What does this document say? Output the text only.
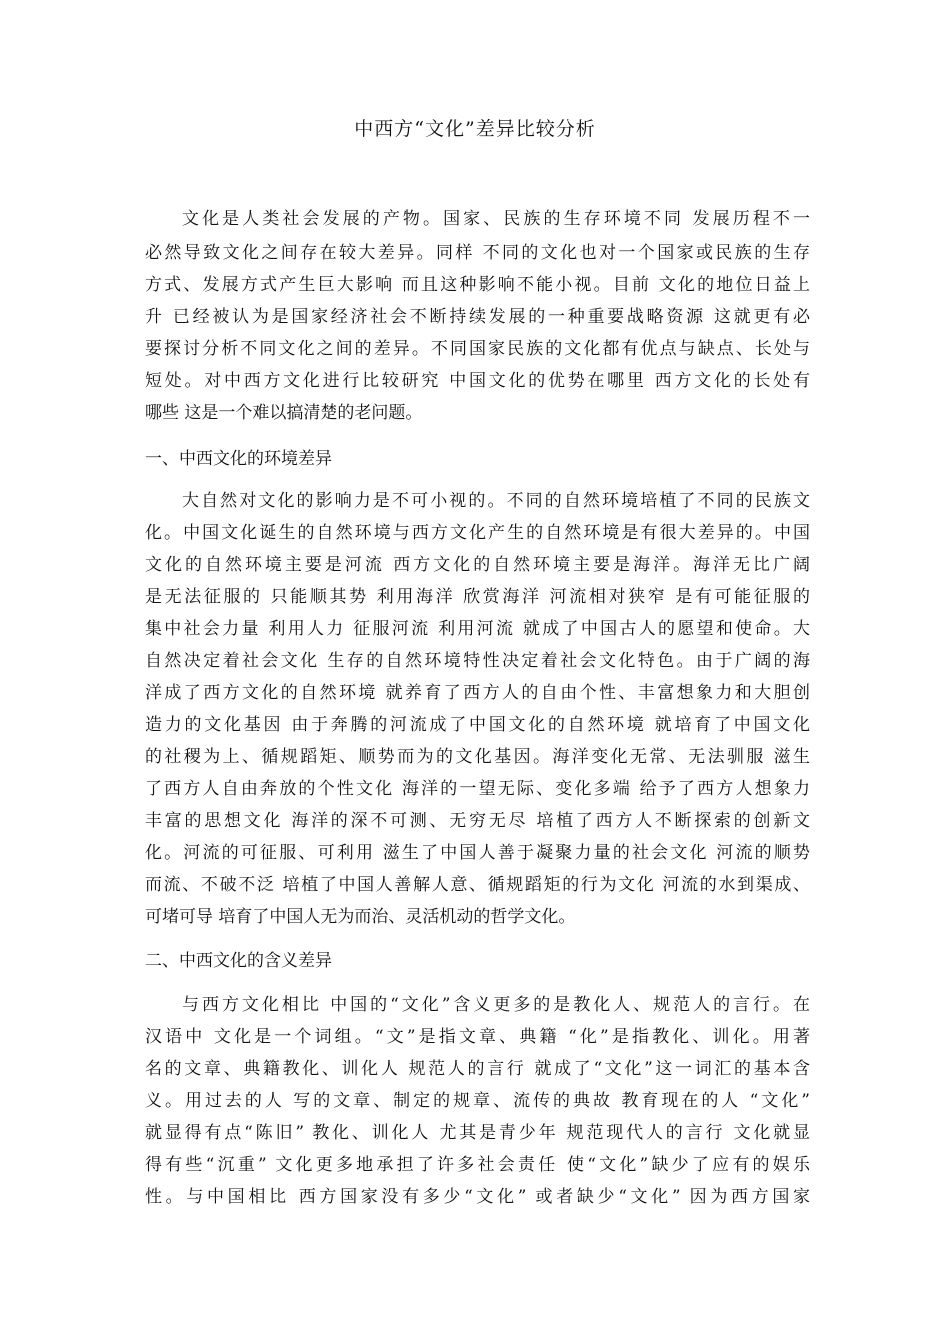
中西方“文化”差异比较分析

文化是人类社会发展的产物。国家、民族的生存环境不同 发展历程不一

必然导致文化之间存在较大差异。同样 不同的文化也对一个国家或民族的生存

方式、发展方式产生巨大影响 而且这种影响不能小视。目前 文化的地位日益上

升 已经被认为是国家经济社会不断持续发展的一种重要战略资源 这就更有必

要探讨分析不同文化之间的差异。不同国家民族的文化都有优点与缺点、长处与

短处。对中西方文化进行比较研究 中国文化的优势在哪里 西方文化的长处有

哪些 这是一个难以搞清楚的老问题。

一、中西文化的环境差异

大自然对文化的影响力是不可小视的。不同的自然环境培植了不同的民族文

化。中国文化诞生的自然环境与西方文化产生的自然环境是有很大差异的。中国

文化的自然环境主要是河流 西方文化的自然环境主要是海洋。海洋无比广阔

是无法征服的 只能顺其势 利用海洋 欣赏海洋 河流相对狭窄 是有可能征服的

集中社会力量 利用人力 征服河流 利用河流 就成了中国古人的愿望和使命。大

自然决定着社会文化 生存的自然环境特性决定着社会文化特色。由于广阔的海

洋成了西方文化的自然环境 就养育了西方人的自由个性、丰富想象力和大胆创

造力的文化基因 由于奔腾的河流成了中国文化的自然环境 就培育了中国文化

的社稷为上、循规蹈矩、顺势而为的文化基因。海洋变化无常、无法驯服 滋生

了西方人自由奔放的个性文化 海洋的一望无际、变化多端 给予了西方人想象力

丰富的思想文化 海洋的深不可测、无穷无尽 培植了西方人不断探索的创新文

化。河流的可征服、可利用 滋生了中国人善于凝聚力量的社会文化 河流的顺势

而流、不破不泛 培植了中国人善解人意、循规蹈矩的行为文化 河流的水到渠成、

可堵可导 培育了中国人无为而治、灵活机动的哲学文化。

二、中西文化的含义差异

与西方文化相比 中国的“文化”含义更多的是教化人、规范人的言行。在

汉语中 文化是一个词组。“文”是指文章、典籍 “化”是指教化、训化。用著

名的文章、典籍教化、训化人 规范人的言行 就成了“文化”这一词汇的基本含

义。用过去的人 写的文章、制定的规章、流传的典故 教育现在的人 “文化”

就显得有点“陈旧” 教化、训化人 尤其是青少年 规范现代人的言行 文化就显

得有些“沉重” 文化更多地承担了许多社会责任 使“文化”缺少了应有的娱乐

性。与中国相比 西方国家没有多少“文化” 或者缺少“文化” 因为西方国家
